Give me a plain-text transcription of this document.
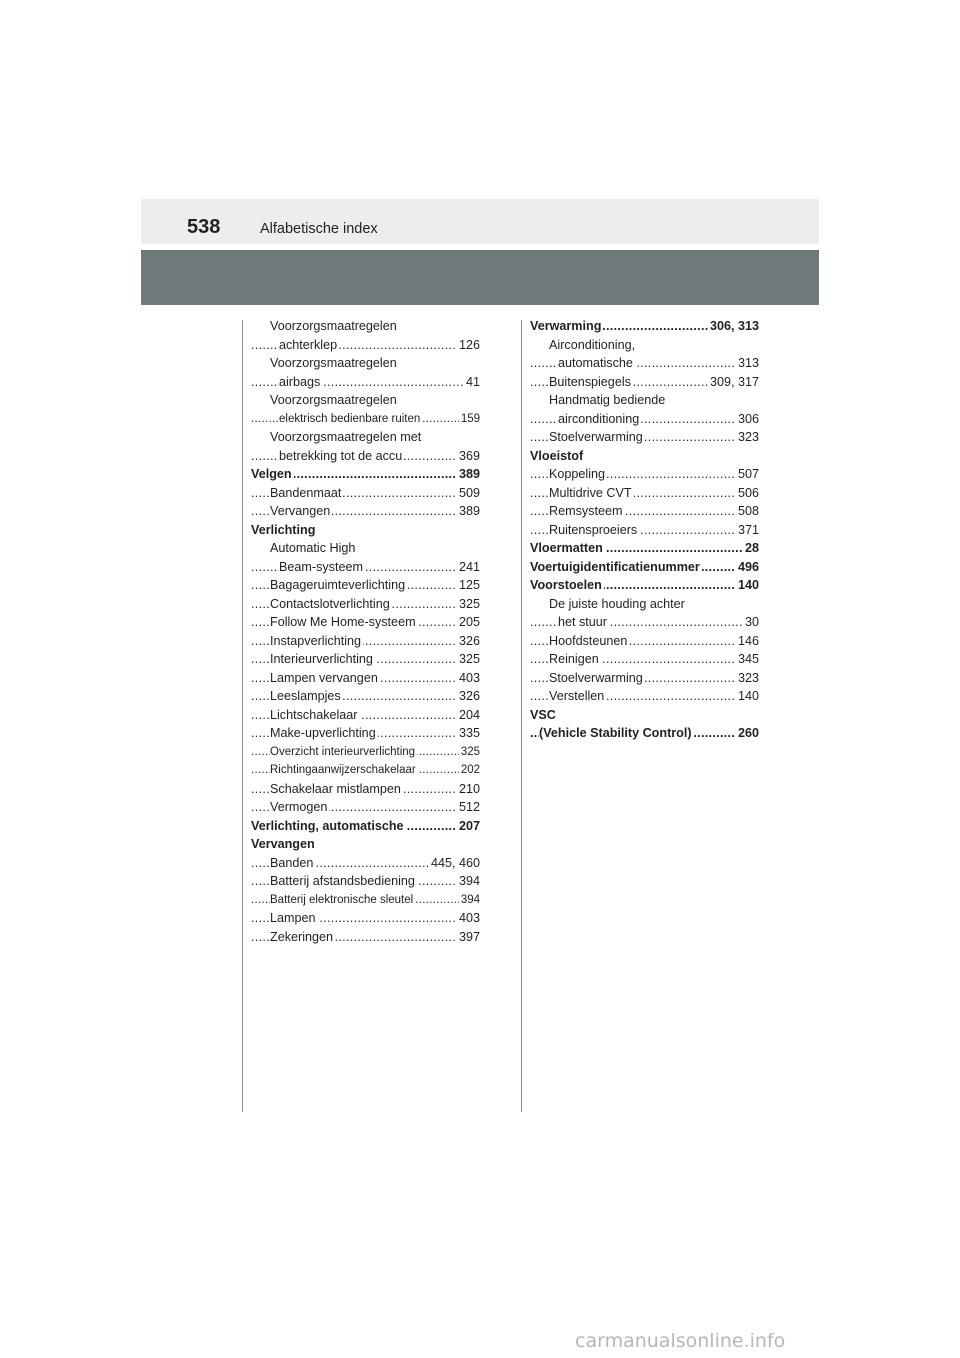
538	Alfabetische index
Voorzorgsmaatregelen
achterklep	126
.....
Voorzorgsmaatregelen
airbags	41
.....
Voorzorgsmaatregelen
elektrisch bedienbare ruiten	159
.....
Voorzorgsmaatregelen met
betrekking tot de accu	369
.....
Velgen	389
.....
Bandenmaat	509
.....
Vervangen	389
.....
Verlichting
Automatic High
Beam-systeem	241
.....
Bagageruimteverlichting	125
.....
Contactslotverlichting	325
.....
Follow Me Home-systeem	205
.....
Instapverlichting	326
.....
Interieurverlichting	325
.....
Lampen vervangen	403
.....
Leeslampjes	326
.....
Lichtschakelaar	204
.....
Make-upverlichting	335
.....
Overzicht interieurverlichting	325
.....
Richtingaanwijzerschakelaar	202
.....
Schakelaar mistlampen	210
.....
Vermogen	512
.....
Verlichting, automatische	207
.....
Vervangen
Banden	445, 460
.....
Batterij afstandsbediening	394
.....
Batterij elektronische sleutel	394
.....
Lampen	403
.....
Zekeringen	397
.....
Verwarming	306, 313
.....
Airconditioning,
automatische	313
.....
Buitenspiegels	309, 317
.....
Handmatig bediende
airconditioning	306
.....
Stoelverwarming	323
.....
Vloeistof
Koppeling	507
.....
Multidrive CVT	506
.....
Remsysteem	508
.....
Ruitensproeiers	371
.....
Vloermatten	28
.....
Voertuigidentificatienummer	496
.....
Voorstoelen	140
.....
De juiste houding achter
het stuur	30
.....
Hoofdsteunen	146
.....
Reinigen	345
.....
Stoelverwarming	323
.....
Verstellen	140
.....
VSC
(Vehicle Stability Control)	260
.....
carmanualsonline.info
